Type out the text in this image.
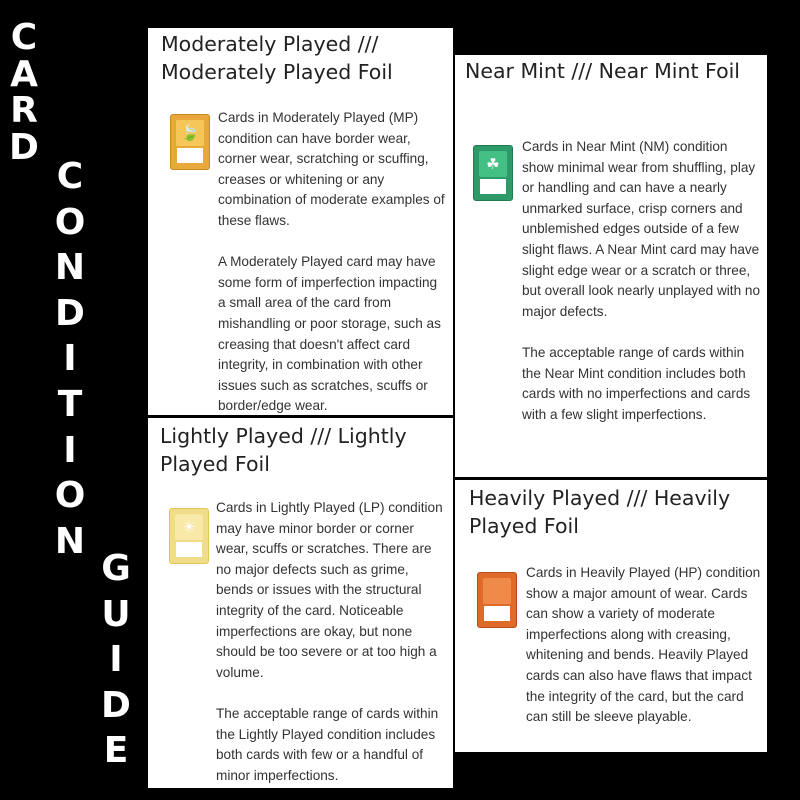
C
A
R
D
C
O
N
D
I
T
I
O
N
G
U
I
D
E
Moderately Played /// Moderately Played Foil
🍃

Cards in Moderately Played (MP) condition can have border wear, corner wear, scratching or scuffing, creases or whitening or any combination of moderate examples of these flaws.

A Moderately Played card may have some form of imperfection impacting a small area of the card from mishandling or poor storage, such as creasing that doesn't affect card integrity, in combination with other issues such as scratches, scuffs or border/edge wear.

Lightly Played /// Lightly Played Foil
☀

Cards in Lightly Played (LP) condition may have minor border or corner wear, scuffs or scratches. There are no major defects such as grime, bends or issues with the structural integrity of the card. Noticeable imperfections are okay, but none should be too severe or at too high a volume.

The acceptable range of cards within the Lightly Played condition includes both cards with few or a handful of minor imperfections.

Near Mint /// Near Mint Foil
☘

Cards in Near Mint (NM) condition show minimal wear from shuffling, play or handling and can have a nearly unmarked surface, crisp corners and unblemished edges outside of a few slight flaws. A Near Mint card may have slight edge wear or a scratch or three, but overall look nearly unplayed with no major defects.

The acceptable range of cards within the Near Mint condition includes both cards with no imperfections and cards with a few slight imperfections.

Heavily Played /// Heavily Played Foil

Cards in Heavily Played (HP) condition show a major amount of wear. Cards can show a variety of moderate imperfections along with creasing, whitening and bends. Heavily Played cards can also have flaws that impact the integrity of the card, but the card can still be sleeve playable.
